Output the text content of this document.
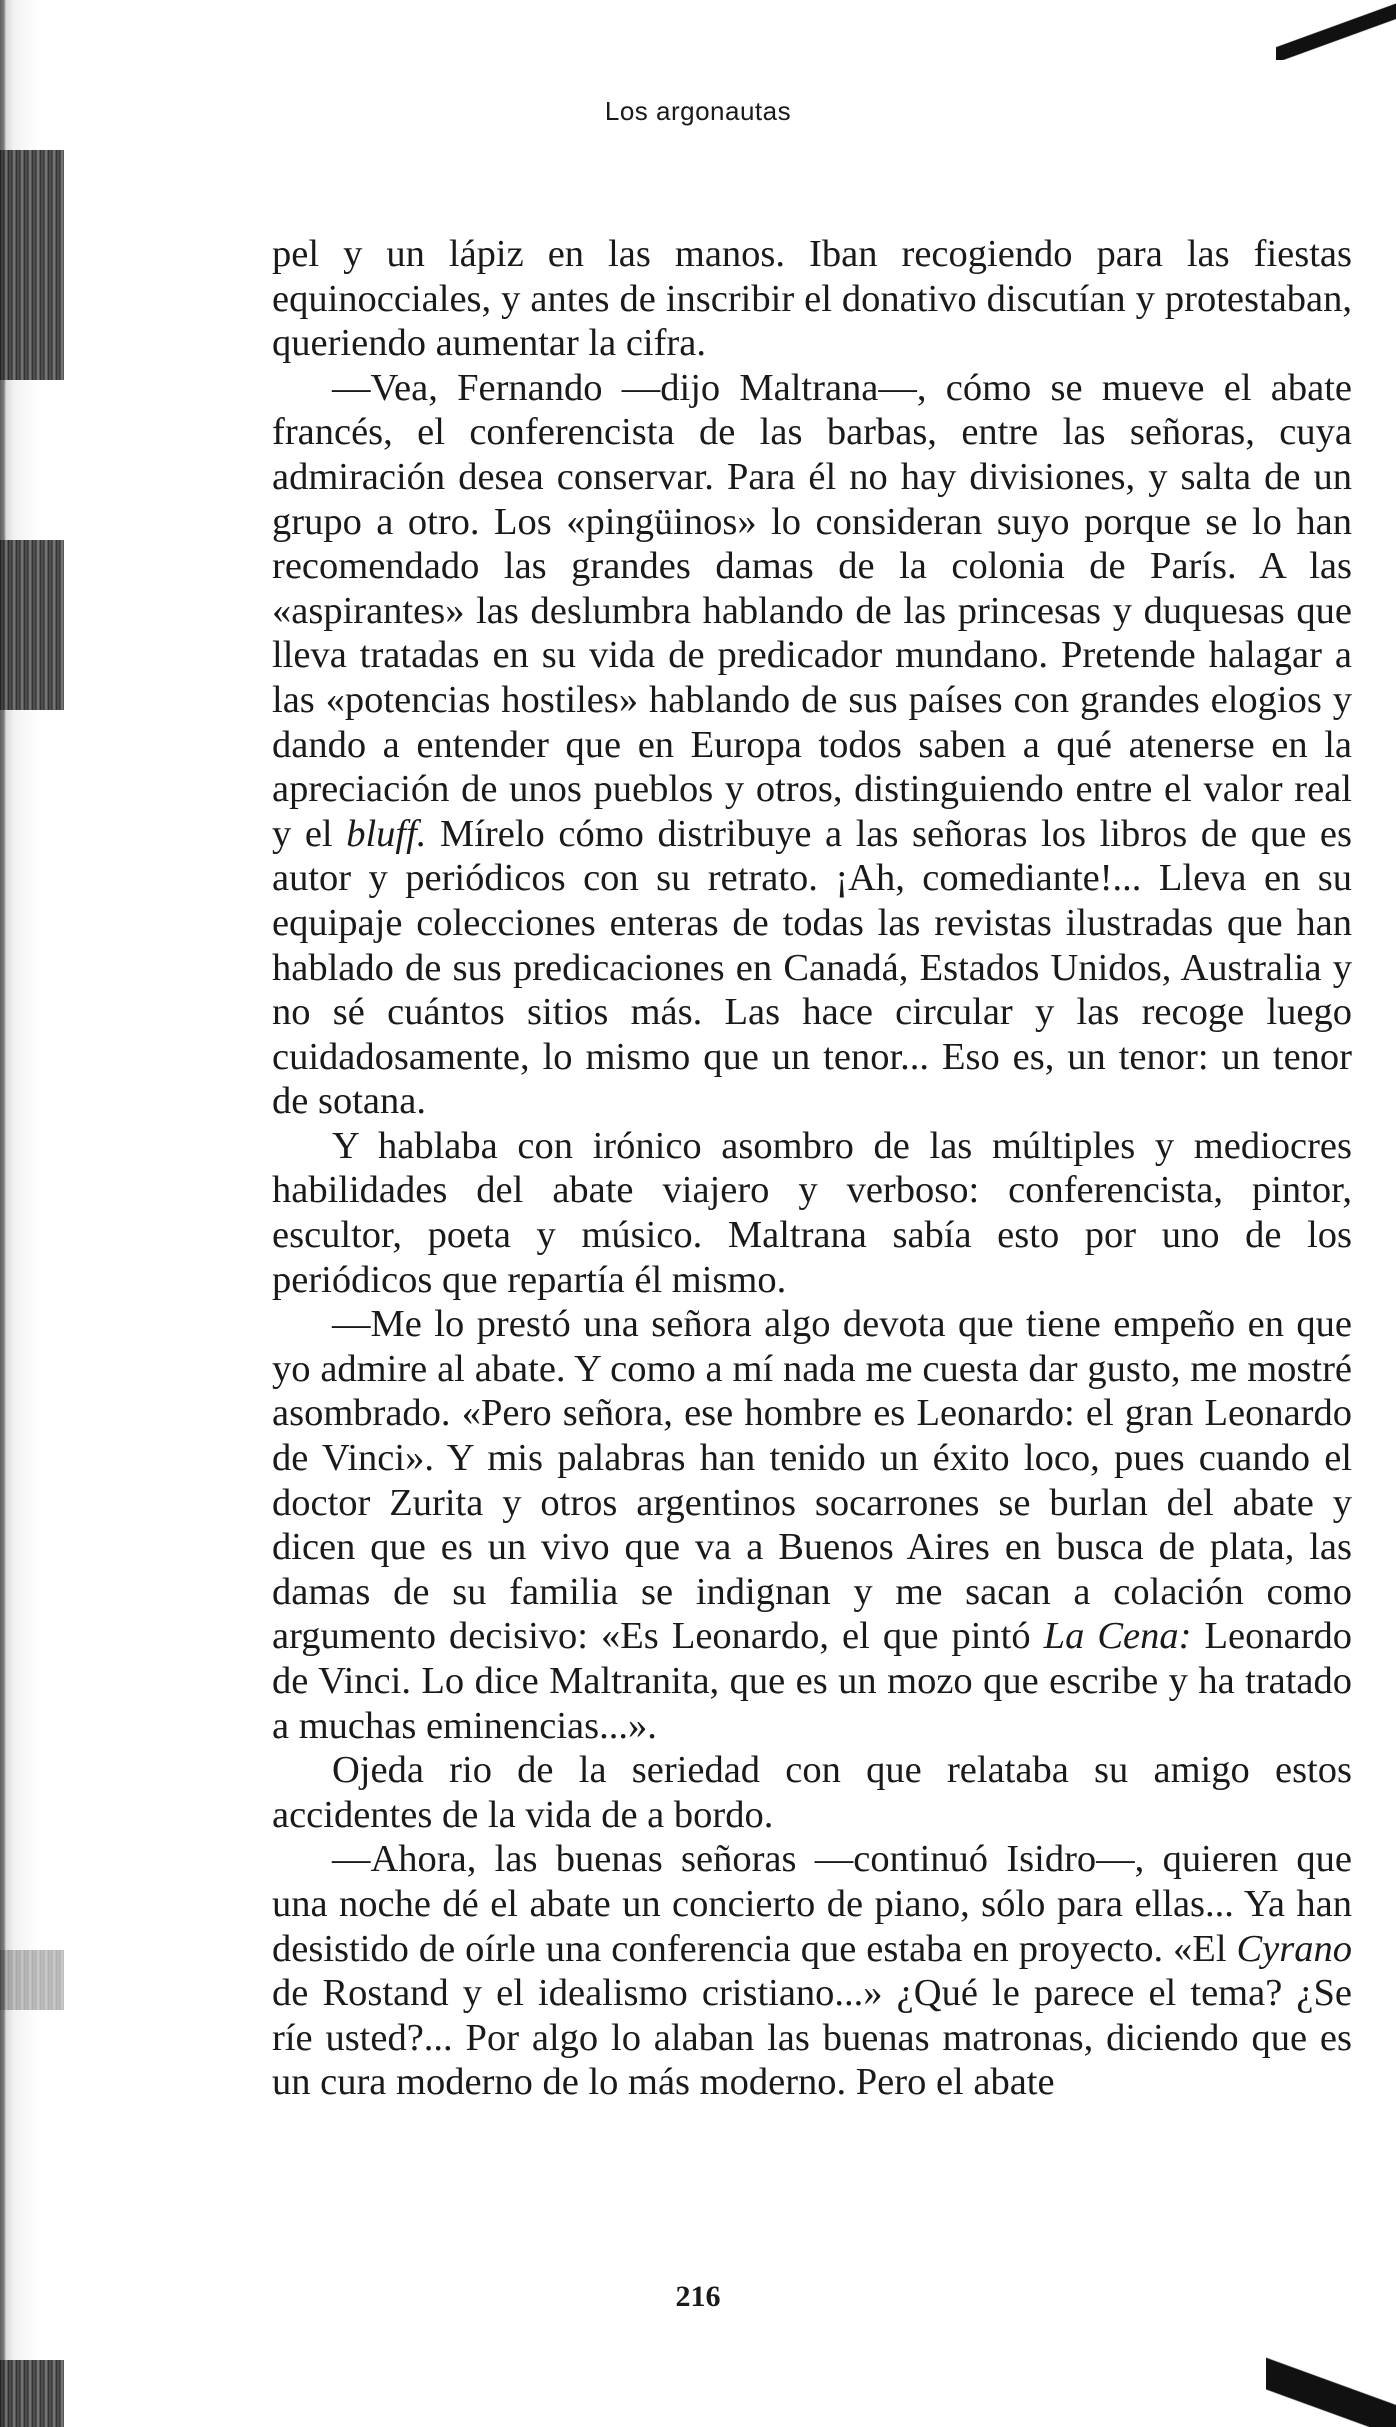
Los argonautas

pel y un lápiz en las manos. Iban recogiendo para las fiestas equinocciales, y antes de inscribir el donativo discutían y protestaban, queriendo aumentar la cifra.

—Vea, Fernando —dijo Maltrana—, cómo se mueve el abate francés, el conferencista de las barbas, entre las señoras, cuya admiración desea conservar. Para él no hay divisiones, y salta de un grupo a otro. Los «pingüinos» lo consideran suyo porque se lo han recomendado las grandes damas de la colonia de París. A las «aspirantes» las deslumbra hablando de las princesas y duquesas que lleva tratadas en su vida de predicador mundano. Pretende halagar a las «potencias hostiles» hablando de sus países con grandes elogios y dando a entender que en Europa todos saben a qué atenerse en la apreciación de unos pueblos y otros, distinguiendo entre el valor real y el bluff. Mírelo cómo distribuye a las señoras los libros de que es autor y periódicos con su retrato. ¡Ah, comediante!... Lleva en su equipaje colecciones enteras de todas las revistas ilustradas que han hablado de sus predicaciones en Canadá, Estados Unidos, Australia y no sé cuántos sitios más. Las hace circular y las recoge luego cuidadosamente, lo mismo que un tenor... Eso es, un tenor: un tenor de sotana.

Y hablaba con irónico asombro de las múltiples y mediocres habilidades del abate viajero y verboso: conferencista, pintor, escultor, poeta y músico. Maltrana sabía esto por uno de los periódicos que repartía él mismo.

—Me lo prestó una señora algo devota que tiene empeño en que yo admire al abate. Y como a mí nada me cuesta dar gusto, me mostré asombrado. «Pero señora, ese hombre es Leonardo: el gran Leonardo de Vinci». Y mis palabras han tenido un éxito loco, pues cuando el doctor Zurita y otros argentinos socarrones se burlan del abate y dicen que es un vivo que va a Buenos Aires en busca de plata, las damas de su familia se indignan y me sacan a colación como argumento decisivo: «Es Leonardo, el que pintó La Cena: Leonardo de Vinci. Lo dice Maltranita, que es un mozo que escribe y ha tratado a muchas eminencias...».

Ojeda rio de la seriedad con que relataba su amigo estos accidentes de la vida de a bordo.

—Ahora, las buenas señoras —continuó Isidro—, quieren que una noche dé el abate un concierto de piano, sólo para ellas... Ya han desistido de oírle una conferencia que estaba en proyecto. «El Cyrano de Rostand y el idealismo cristiano...» ¿Qué le parece el tema? ¿Se ríe usted?... Por algo lo alaban las buenas matronas, diciendo que es un cura moderno de lo más moderno. Pero el abate

216
